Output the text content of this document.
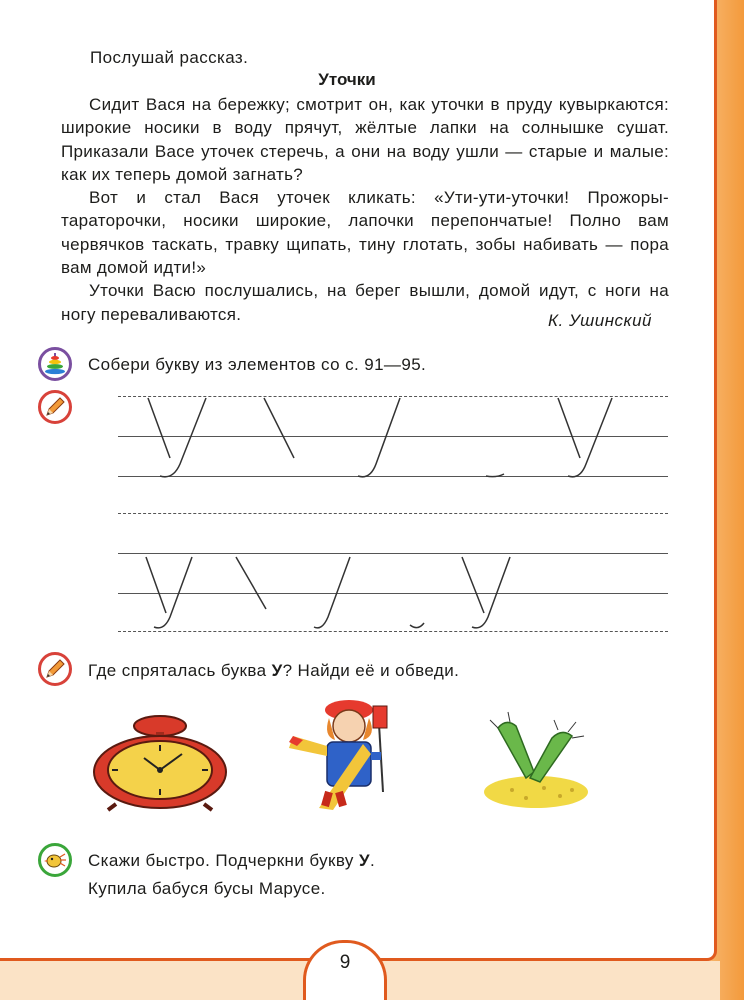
Послушай рассказ.
Уточки

Сидит Вася на бережку; смотрит он, как уточки в пруду кувыркаются: широкие носики в воду прячут, жёлтые лапки на солнышке сушат. Приказали Васе уточек стеречь, а они на воду ушли — старые и малые: как их теперь домой загнать?

Вот и стал Вася уточек кликать: «Ути-ути-уточки! Прожоры-тараторочки, носики широкие, лапочки перепончатые! Полно вам червячков таскать, травку щипать, тину глотать, зобы набивать — пора вам домой идти!»

Уточки Васю послушались, на берег вышли, домой идут, с ноги на ногу переваливаются.	К. Ушинский
Собери букву из элементов со с. 91—95.
Где спряталась буква У? Найди её и обведи.
Скажи быстро. Подчеркни букву У.
Купила бабуся бусы Марусе.
9
